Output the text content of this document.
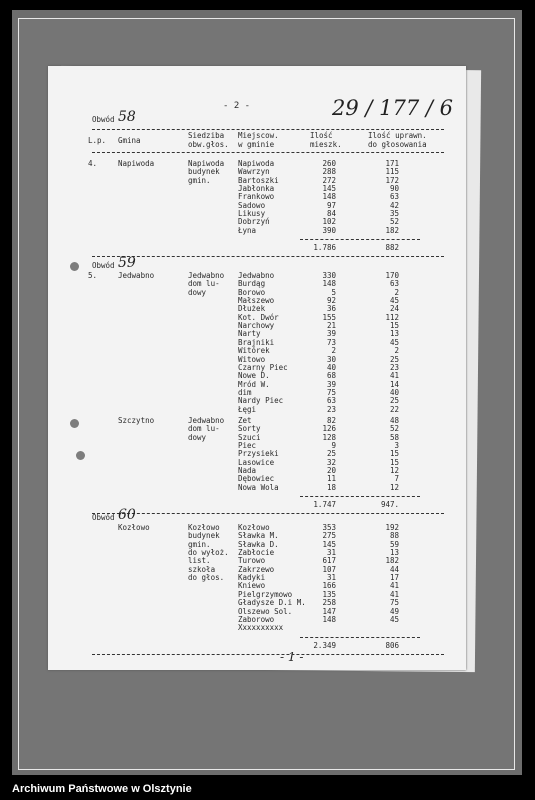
- 2 -	29 / 177 / 6
- 1 -
L.p. Gmina
Siedziba
obw.głos.
Miejscow.
w gminie
Ilość
mieszk.
Ilość uprawn.
do głosowania
Obwód 58
4.	Napiwoda	Napiwoda
budynek
gmin.
Napiwoda	260	171
Wawrzyn	288	115
Bartoszki	272	172
Jabłonka	145	90
Frankowo	148	63
Sadowo	97	42
Likusy	84	35
Dobrzyń	102	52
Łyna	390	182
1.786	882
Obwód 59
5.	Jedwabno	Jedwabno
dom lu-
dowy
Jedwabno	330	170
Burdąg	148	63
Borowo	5	2
Małszewo	92	45
Dłużek	36	24
Kot. Dwór	155	112
Narchowy	21	15
Narty	39	13
Brajniki	73	45
Witórek	2	2
Witowo	30	25
Czarny Piec	40	23
Nowe D.	68	41
Mród W.	39	14
dim	75	40
Nardy Piec	63	25
Łęgi	23	22
Szczytno	Jedwabno
dom lu-
dowy
Zet	82	48
Sorty	126	52
Szuci	128	58
Piec	9	3
Przysieki	25	15
Lasowice	32	15
Nada	20	12
Dębowiec	11	7
Nowa Wola	18	12
1.747	947.
Obwód 60
Kozłowo	Kozłowo
budynek
gmin.
do wyłoż.
list.
szkoła
do głos.
Kozłowo	353	192
Sławka M.	275	88
Sławka D.	145	59
Zabłocie	31	13
Turowo	617	182
Zakrzewo	107	44
Kadyki	31	17
Kniewo	166	41
Pielgrzymowo	135	41
Gładysze D.i M.	258	75
Olszewo Sol.	147	49
Zaborowo	148	45
Xxxxxxxxxx
2.349	806
Archiwum Państwowe w Olsztynie
